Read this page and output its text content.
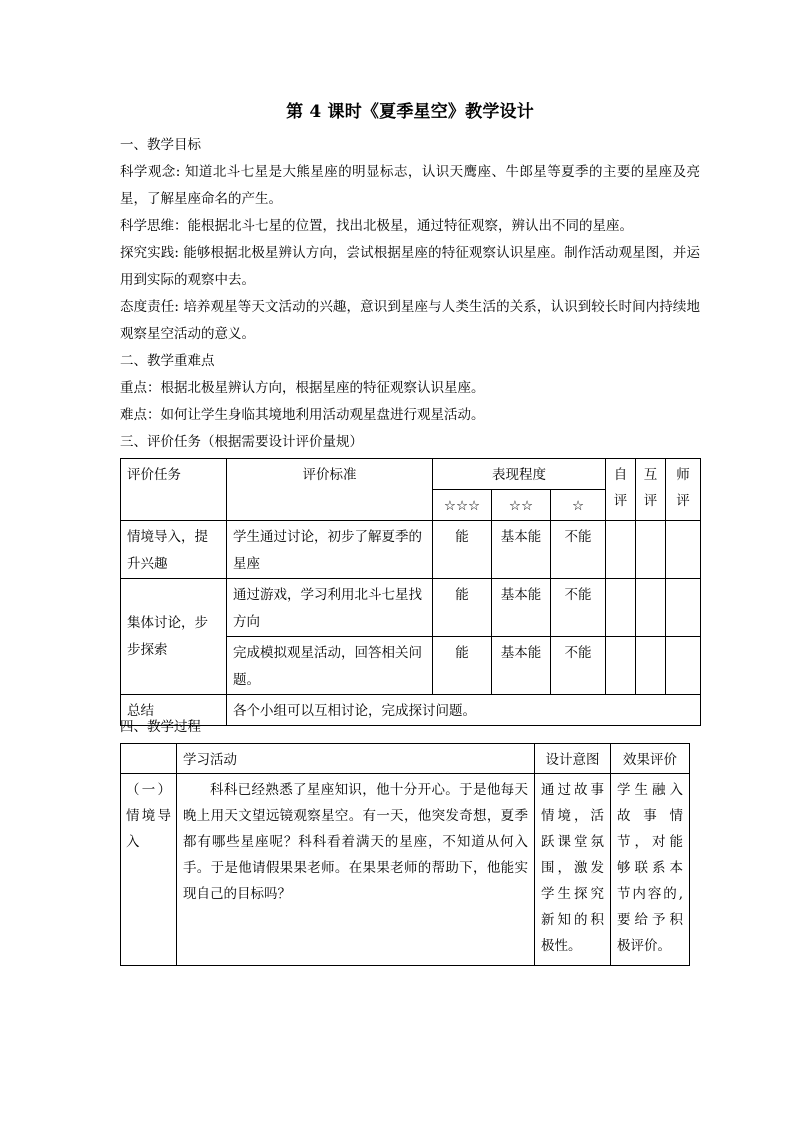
第 4 课时《夏季星空》教学设计
一、教学目标
科学观念: 知道北斗七星是大熊星座的明显标志，认识天鹰座、牛郎星等夏季的主要的星座及亮星，了解星座命名的产生。
科学思维：能根据北斗七星的位置，找出北极星，通过特征观察，辨认出不同的星座。
探究实践: 能够根据北极星辨认方向，尝试根据星座的特征观察认识星座。制作活动观星图，并运用到实际的观察中去。
态度责任: 培养观星等天文活动的兴趣，意识到星座与人类生活的关系，认识到较长时间内持续地观察星空活动的意义。
二、教学重难点
重点：根据北极星辨认方向，根据星座的特征观察认识星座。
难点：如何让学生身临其境地利用活动观星盘进行观星活动。
三、评价任务（根据需要设计评价量规）
评价任务	评价标准	表现程度			自评	互评	师评
		☆☆☆	☆☆	☆			
情境导入，提升兴趣	学生通过讨论，初步了解夏季的星座	能	基本能	不能			
集体讨论，步步探索	通过游戏，学习利用北斗七星找方向	能	基本能	不能			
	完成模拟观星活动，回答相关问题。	能	基本能	不能			
总结	各个小组可以互相讨论，完成探讨问题。						
四、教学过程
	学习活动	设计意图	效果评价
（一）情境导入	科科已经熟悉了星座知识，他十分开心。于是他每天晚上用天文望远镜观察星空。有一天，他突发奇想，夏季都有哪些星座呢？科科看着满天的星座，不知道从何入手。于是他请假果果老师。在果果老师的帮助下，他能实现自己的目标吗？	通过故事情境，活跃课堂氛围，激发学生探究新知的积极性。	学生融入故事情节，对能够联系本节内容的,要给予积极评价。
